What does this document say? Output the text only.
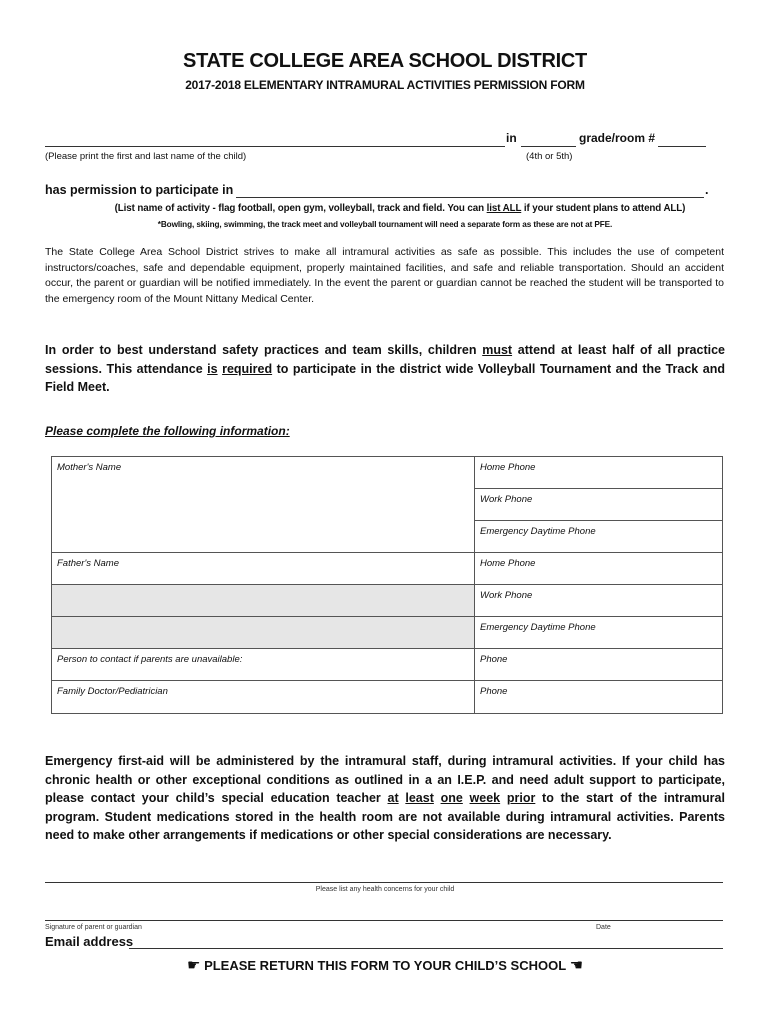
STATE COLLEGE AREA SCHOOL DISTRICT
2017-2018 ELEMENTARY INTRAMURAL ACTIVITIES PERMISSION FORM
in	grade/room #
(Please print the first and last name of the child)	(4th or 5th)
has permission to participate in	.
(List name of activity - flag football, open gym, volleyball, track and field. You can list ALL if your student plans to attend ALL)
*Bowling, skiing, swimming, the track meet and volleyball tournament will need a separate form as these are not at PFE.
The State College Area School District strives to make all intramural activities as safe as possible. This includes the use of competent instructors/coaches, safe and dependable equipment, properly maintained facilities, and safe and reliable transportation. Should an accident occur, the parent or guardian will be notified immediately. In the event the parent or guardian cannot be reached the student will be transported to the emergency room of the Mount Nittany Medical Center.
In order to best understand safety practices and team skills, children must attend at least half of all practice sessions. This attendance is required to participate in the district wide Volleyball Tournament and the Track and Field Meet.
Please complete the following information:
Mother's Name	Home Phone
	Work Phone
	Emergency Daytime Phone
Father's Name	Home Phone
	Work Phone
	Emergency Daytime Phone
Person to contact if parents are unavailable:	Phone
Family Doctor/Pediatrician	Phone
Emergency first-aid will be administered by the intramural staff, during intramural activities. If your child has chronic health or other exceptional conditions as outlined in a an I.E.P. and need adult support to participate, please contact your child’s special education teacher at least one week prior to the start of the intramural program. Student medications stored in the health room are not available during intramural activities. Parents need to make other arrangements if medications or other special considerations are necessary.
Please list any health concerns for your child
Signature of parent or guardian	Date
Email address
☛ PLEASE RETURN THIS FORM TO YOUR CHILD’S SCHOOL ☚
